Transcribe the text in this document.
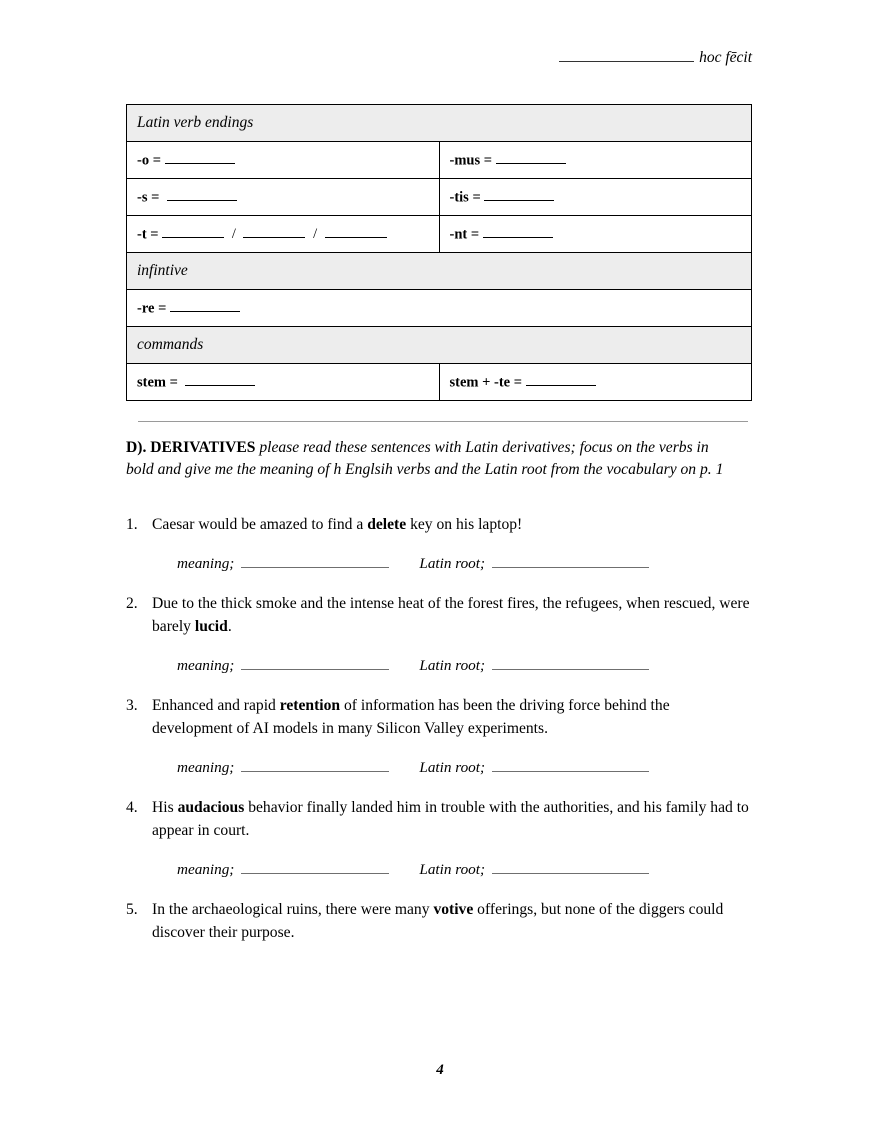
hoc fēcit
Latin verb endings	

-o =	-mus =

-s =	-tis =

-t = / /	-nt =

infintive	

-re =	

commands	

stem =	stem + -te =
D). DERIVATIVES please read these sentences with Latin derivatives; focus on the verbs in bold and give me the meaning of h Englsih verbs and the Latin root from the vocabulary on p. 1
1. Caesar would be amazed to find a delete key on his laptop!
meaning;	Latin root;
2. Due to the thick smoke and the intense heat of the forest fires, the refugees, when rescued, were barely lucid.
meaning;	Latin root;
3. Enhanced and rapid retention of information has been the driving force behind the development of AI models in many Silicon Valley experiments.
meaning;	Latin root;
4. His audacious behavior finally landed him in trouble with the authorities, and his family had to appear in court.
meaning;	Latin root;
5. In the archaeological ruins, there were many votive offerings, but none of the diggers could discover their purpose.
4
